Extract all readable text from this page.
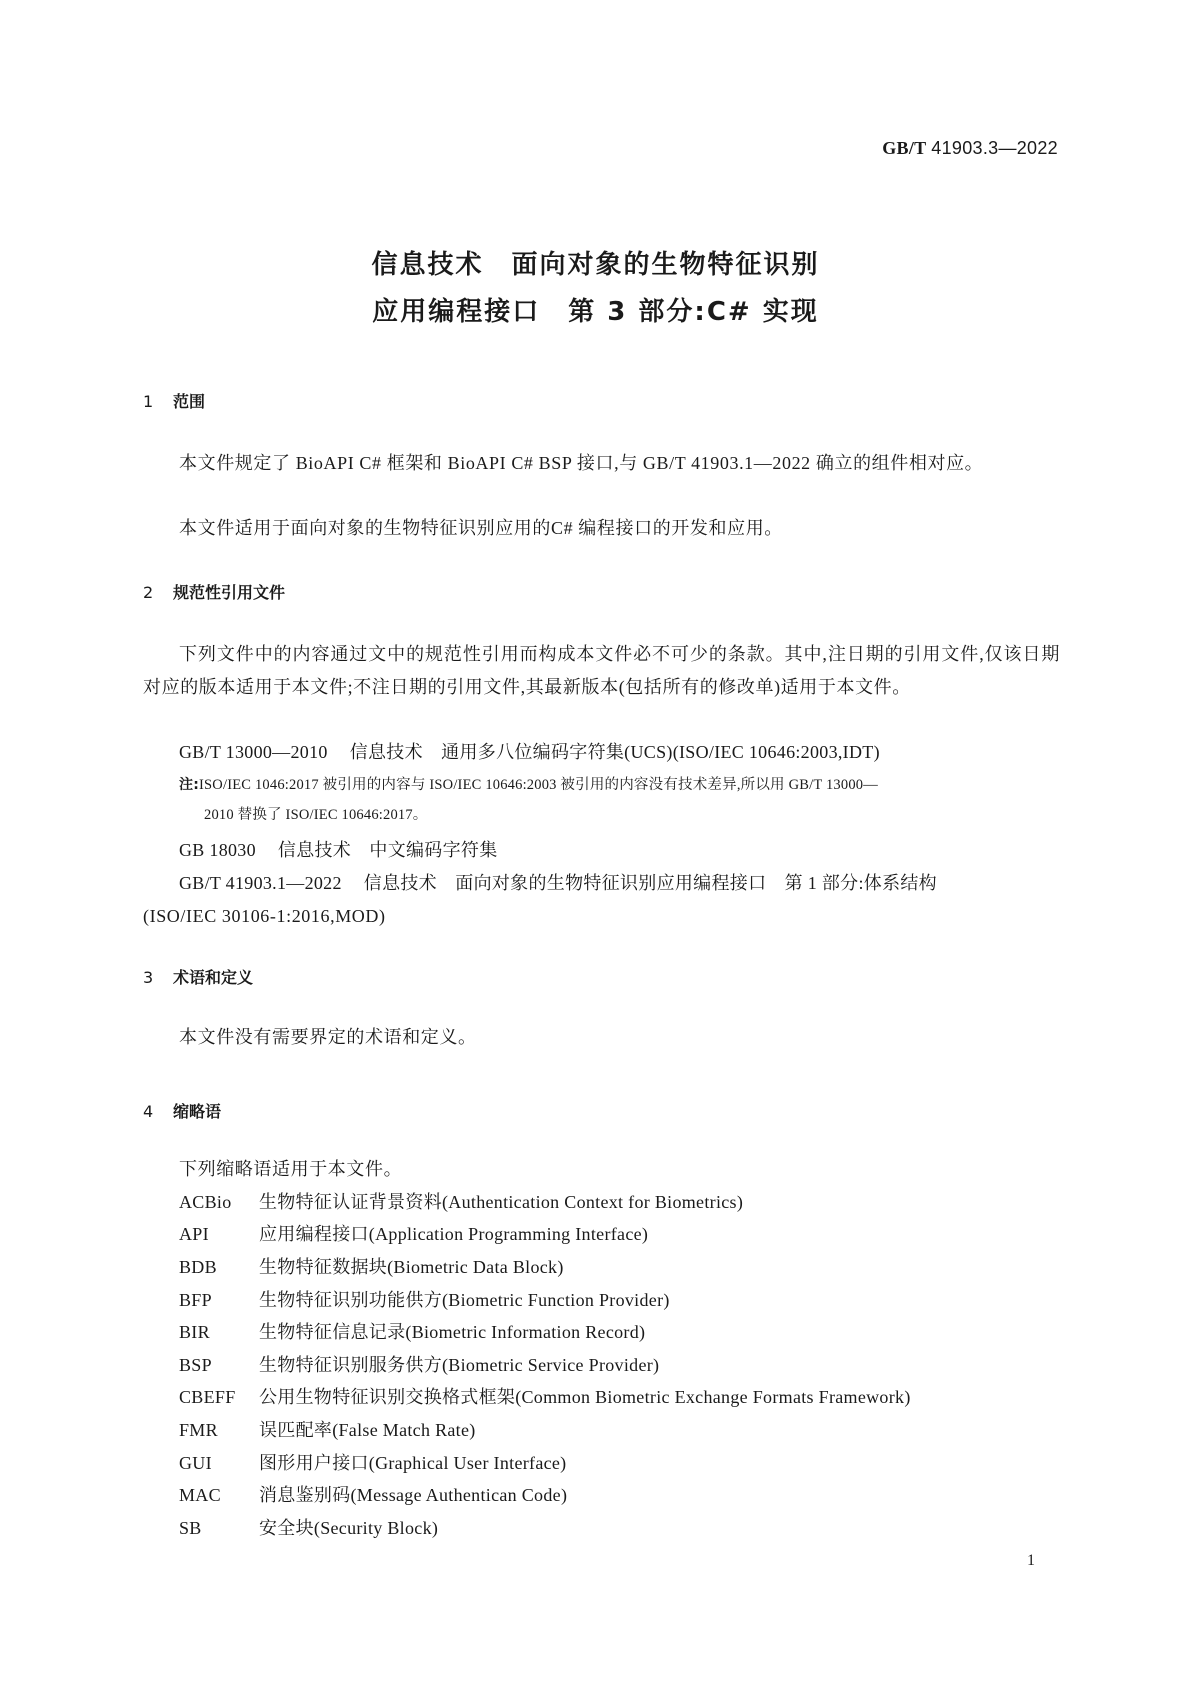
GB/T 41903.3—2022
信息技术　面向对象的生物特征识别
应用编程接口　第 3 部分:C# 实现
1 范围
本文件规定了 BioAPI C# 框架和 BioAPI C# BSP 接口,与 GB/T 41903.1—2022 确立的组件相对应。
本文件适用于面向对象的生物特征识别应用的C# 编程接口的开发和应用。
2 规范性引用文件
下列文件中的内容通过文中的规范性引用而构成本文件必不可少的条款。其中,注日期的引用文件,仅该日期对应的版本适用于本文件;不注日期的引用文件,其最新版本(包括所有的修改单)适用于本文件。
GB/T 13000—2010 信息技术　通用多八位编码字符集(UCS)(ISO/IEC 10646:2003,IDT)
注:ISO/IEC 1046:2017 被引用的内容与 ISO/IEC 10646:2003 被引用的内容没有技术差异,所以用 GB/T 13000—
2010 替换了 ISO/IEC 10646:2017。
GB 18030 信息技术　中文编码字符集
GB/T 41903.1—2022 信息技术　面向对象的生物特征识别应用编程接口　第 1 部分:体系结构
(ISO/IEC 30106-1:2016,MOD)
3 术语和定义
本文件没有需要界定的术语和定义。
4 缩略语
下列缩略语适用于本文件。
ACBio 生物特征认证背景资料(Authentication Context for Biometrics)
API	应用编程接口(Application Programming Interface)
BDB 生物特征数据块(Biometric Data Block)
BFP	生物特征识别功能供方(Biometric Function Provider)
BIR	生物特征信息记录(Biometric Information Record)
BSP	生物特征识别服务供方(Biometric Service Provider)
CBEFF 公用生物特征识别交换格式框架(Common Biometric Exchange Formats Framework)
FMR 误匹配率(False Match Rate)
GUI	图形用户接口(Graphical User Interface)
MAC 消息鉴别码(Message Authentican Code)
SB	安全块(Security Block)
1
